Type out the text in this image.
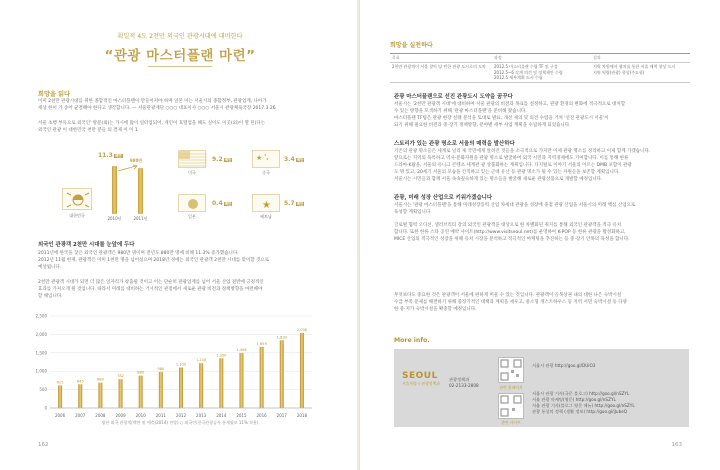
획일적 4도 2천만 외국인 관광시대에 대비한다
“관광 마스터플랜 마련”
희망을 읽다
이미 2천만 관광시대를 위한 종합적인 마스터플랜이 만들어져야 하며 일본 이는 서울시의 종합정부, 관광업계, 나아가
세상 한이 가 송어 균결해야 한다고 생각합니다. — 서울관광재단 ○○○ 대표이사 ○○○ 서울시 관광체육국장 2017.3.26
서울 초행 부득으로 외국인' 방문(외)는 가시에 많이 일터업되어, 개인이 호텔업을 해도 실이도 이곳(외)이 열 된(다는
외국인 관광 이 대한민국 천만 분들 의 결제 이 이 1
대한민국
11.3 백만
980만
2010년	2011년
미국
9.2 백만	★ ★
★
중국
3.4 백만
일본
0.4 백만	★
베트남
5.7 백만
외국인 관광객 2천만 시대를 눈앞에 두다
2011년에 한국을 찾은 외국인 관광객은 980만 명이며 전년도 880만 명에 비해 11.3% 증가했습니다.
2012년 11월 현재, 관광객은 이미 1천만 명을 넘어섰으며 2018년 경에는 외국인 관광객 2천만 시대를 맞이할 것으로
예상됩니다.
2천만 관광객 시대가 되면 더 많은 일자리가 창출될 것이고 이는 단순히 관광업계를 넘어 서울 산업 전반에 긍정적인
효과를 가져오게 될 것입니다. 따라서 미래를 대비하는 거시적인 관점에서 새로운 관광 비전과 정책방향을 마련해야
할 때입니다.
0
500
1,000
1,500
2,000
2,500
615
2006
645
2007
689
2008
782
2009
880
2010
980
2011
1,100
2012
1,218
2013
1,350
2014
1,496
2015
1,659
2016
1,839
2017
2,038
2018
방한 외국 관광객(백만 및 예측(2014) 전망) ○ 외국인(한국관광공사 통계월보 11% 적용)
162
희망을 실천하다
목표	과정	결과
2천만 관광객이 서울 찾아 당 빈한 관광 도시로의 도약	2012.5 마스터플랜 수립 TF 및 구성
2012.5~6 각계 의견 및 정책제안 수렴
2012.5 세부계획 도시 수립	지역 차원에서 협치를 통한 서울 매력 향상 도시
지역 역량(관광) 향상(주도형)
관광 마스터플랜으로 선진 관광도시 도약을 꿈꾸다
서울시는 '2천만 관광객 시대'에 대비하여 서울 관광의 비전과 목표를 설정하고, 관광 환경의 변화에 적극적으로 대처할
수 있는 방향을 모색하기 위해 '관광 마스터플랜'을 준비해 왔습니다.
마스터플랜 TF팀은 관광 현장 실태 분석을 토대로 발표, 개선 제의 및 의견 수렴을 거쳐 '선진 관광도시 서울'이
되기 위해 필요한 비전과 중·장기 정책방향, 분야별 세부 사업 계획을 수립하게 되었습니다.
스토리가 있는 관광 명소로 서울의 매력을 발산하다
기존의 관광 명소들은 세계로 널리 제 국민에게 알려진 것들을 소극적으로 가지만 이제 관광 명소를 정리하고 이제 함께 가겠습니다.
앞으로는 지역의 독특하고 역사·문화자원을 관광 명소로 발굴하여 외국 시민과 지역경제에도 기여합니다. 이를 통해 한류
드라마·K팝을, 서울의 유니크 콘텐츠 세계관 광 상품화하는 계획입니다. 디지털로 이야기 서울의 이르는 DMB 포함이 관광
도 명 있고, 20세기 서울의 모습을 간직하고 있는 근대 유산 등 관광 명소가 될 수 있는 자원들을 보존할 계획입니다.
서울시는 시민들과 함께 서울 속속깊숙하게 있는 명소들을 발굴해 새로운 관광상품으로 개발할 예정입니다.
관광, 미래 성장 산업으로 키워가겠습니다
서울시는 '관광 마스터플랜'을 통해 미래성장동력 산업 차세대 관광을 성장에 중점 관광 산업을 서울시의 미래 핵심 산업으로
육성할 계획입니다.
글로벌 협력 오디션, 셀러브리티 강의 외국인 관광객을 대상으로 한 차별화된 취지를 통해 외국인 관광객을 적극 유치
합니다. 또한 한류 스타 공연 예약 사이트(http://www.visitseoul.net)를 운영하여 K-POP 등 한류 관광을 활성화하고,
MICE 산업의 적극적인 성장을 위해 유치 시장을 분석하고 적극적인 마케팅을 추진하는 등 중·장기 안목의 육성을 합니다.
무엇보다도 중요한 것은 관광객이 서울에 편하게 머물 수 있는 것입니다. 관광객이 골목상권 내의 대한 나은 숙박시설
수급 부족 문제를 해결하기 위해 중장기적인 대책과 계획을 세우고, 중소형 게스트하우스 등 지역 서민 숙박시설 등 다양
한 중·저가 숙박시설을 확충할 예정입니다.
More info.
SEOUL
서울특별시 관광정책과
관광정책과
02-2133-2808	관련 홈페이지
관련 사이트
서울시 관광 http://goo.gl/DUiO3
서울시 관광 기사(국문 블로그) http://goo.gl/nSZYL
서울 관광 마케팅(영문) http://goo.gl/nSZYL
서울 관광 기사(블로그 영문 메뉴) http://goo.gl/nSZYL
관광 통상의 정책 (생활 정보) http://goo.gl/iJubeQ
163
